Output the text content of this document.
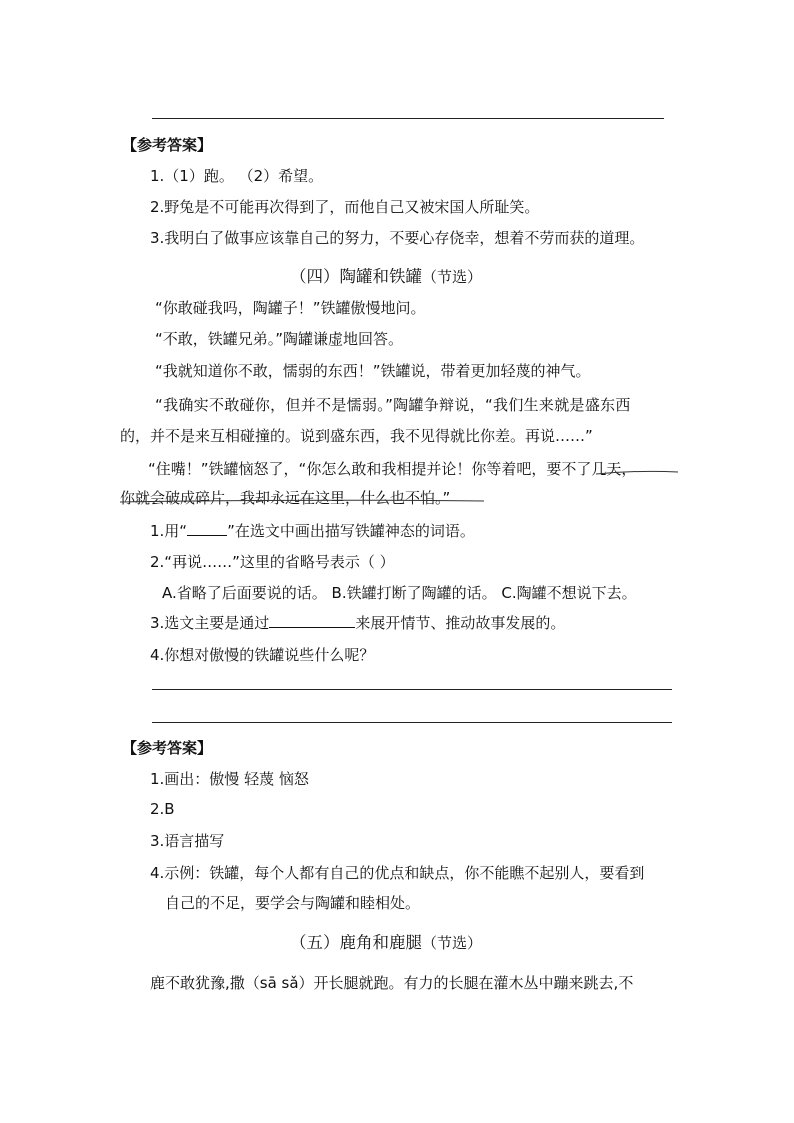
【参考答案】
1.（1）跑。 （2）希望。
2.野兔是不可能再次得到了，而他自己又被宋国人所耻笑。
3.我明白了做事应该靠自己的努力，不要心存侥幸，想着不劳而获的道理。
（四）陶罐和铁罐（节选）
“你敢碰我吗，陶罐子！”铁罐傲慢地问。
“不敢，铁罐兄弟。”陶罐谦虚地回答。
“我就知道你不敢，懦弱的东西！”铁罐说，带着更加轻蔑的神气。
“我确实不敢碰你，但并不是懦弱。”陶罐争辩说，“我们生来就是盛东西
的，并不是来互相碰撞的。说到盛东西，我不见得就比你差。再说……”
“住嘴！”铁罐恼怒了，“你怎么敢和我相提并论！你等着吧，要不了几天，
你就会破成碎片，我却永远在这里，什么也不怕。”
1.用“	”在选文中画出描写铁罐神态的词语。
2.“再说……”这里的省略号表示（ ）
A.省略了后面要说的话。 B.铁罐打断了陶罐的话。 C.陶罐不想说下去。
3.选文主要是通过	来展开情节、推动故事发展的。
4.你想对傲慢的铁罐说些什么呢？
【参考答案】
1.画出：傲慢 轻蔑 恼怒
2.B
3.语言描写
4.示例：铁罐，每个人都有自己的优点和缺点，你不能瞧不起别人，要看到
自己的不足，要学会与陶罐和睦相处。
（五）鹿角和鹿腿（节选）
鹿不敢犹豫,撒（sā sǎ）开长腿就跑。有力的长腿在灌木丛中蹦来跳去,不
